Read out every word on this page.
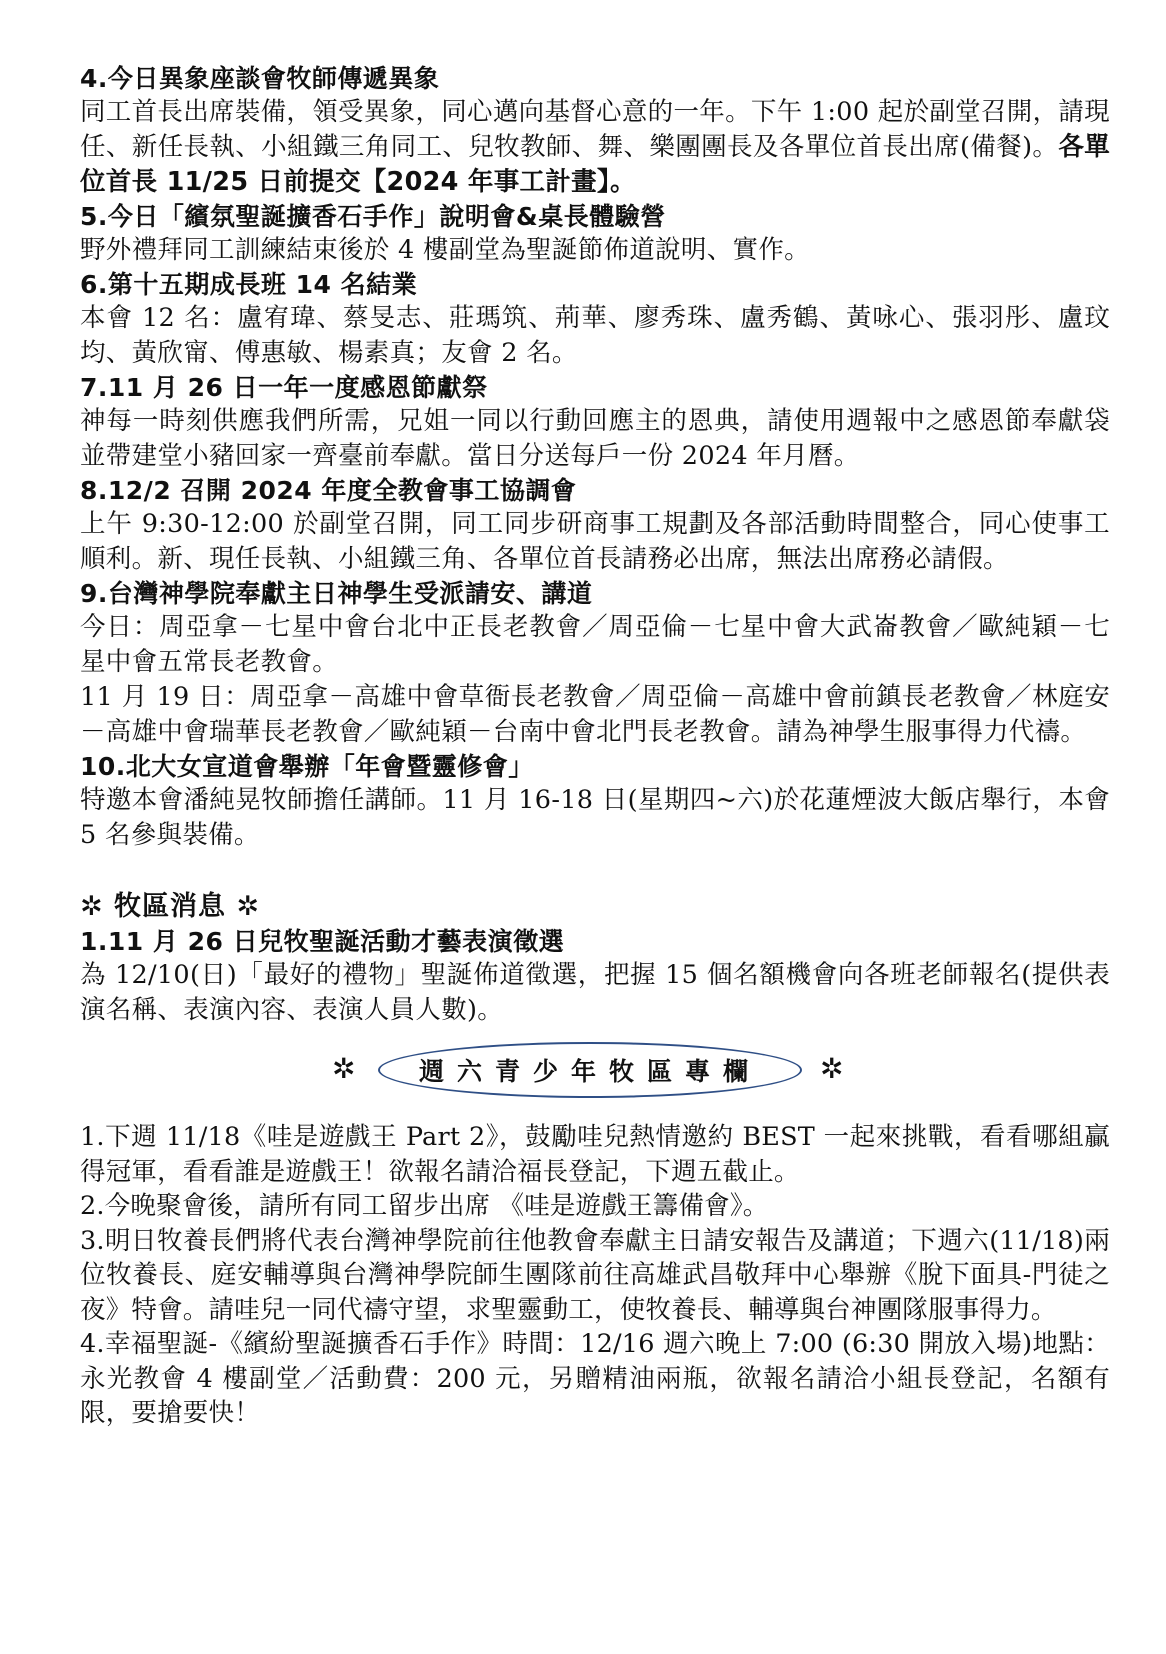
4.今日異象座談會牧師傳遞異象
同工首長出席裝備，領受異象，同心邁向基督心意的一年。下午 1:00 起於副堂召開，請現任、新任長執、小組鐵三角同工、兒牧教師、舞、樂團團長及各單位首長出席(備餐)。各單位首長 11/25 日前提交【2024 年事工計畫】。
5.今日「繽氛聖誕擴香石手作」說明會&桌長體驗營
野外禮拜同工訓練結束後於 4 樓副堂為聖誕節佈道說明、實作。
6.第十五期成長班 14 名結業
本會 12 名：盧宥瑋、蔡旻志、莊瑪筑、荊華、廖秀珠、盧秀鶴、黃咏心、張羽彤、盧玟均、黃欣甯、傅惠敏、楊素真；友會 2 名。
7.11 月 26 日一年一度感恩節獻祭
神每一時刻供應我們所需，兄姐一同以行動回應主的恩典，請使用週報中之感恩節奉獻袋並帶建堂小豬回家一齊臺前奉獻。當日分送每戶一份 2024 年月曆。
8.12/2 召開 2024 年度全教會事工協調會
上午 9:30-12:00 於副堂召開，同工同步研商事工規劃及各部活動時間整合，同心使事工順利。新、現任長執、小組鐵三角、各單位首長請務必出席，無法出席務必請假。
9.台灣神學院奉獻主日神學生受派請安、講道
今日：周亞拿－七星中會台北中正長老教會／周亞倫－七星中會大武崙教會／歐純穎－七星中會五常長老教會。
11 月 19 日：周亞拿－高雄中會草衙長老教會／周亞倫－高雄中會前鎮長老教會／林庭安－高雄中會瑞華長老教會／歐純穎－台南中會北門長老教會。請為神學生服事得力代禱。
10.北大女宣道會舉辦「年會暨靈修會」
特邀本會潘純晃牧師擔任講師。11 月 16-18 日(星期四~六)於花蓮煙波大飯店舉行，本會 5 名參與裝備。
✲ 牧區消息 ✲
1.11 月 26 日兒牧聖誕活動才藝表演徵選
為 12/10(日)「最好的禮物」聖誕佈道徵選，把握 15 個名額機會向各班老師報名(提供表演名稱、表演內容、表演人員人數)。
✲	週六青少年牧區專欄	✲
1.下週 11/18《哇是遊戲王 Part 2》，鼓勵哇兒熱情邀約 BEST 一起來挑戰，看看哪組贏得冠軍，看看誰是遊戲王！欲報名請洽福長登記，下週五截止。
2.今晚聚會後，請所有同工留步出席 《哇是遊戲王籌備會》。
3.明日牧養長們將代表台灣神學院前往他教會奉獻主日請安報告及講道；下週六(11/18)兩位牧養長、庭安輔導與台灣神學院師生團隊前往高雄武昌敬拜中心舉辦《脫下面具-門徒之夜》特會。請哇兒一同代禱守望，求聖靈動工，使牧養長、輔導與台神團隊服事得力。
4.幸福聖誕-《繽紛聖誕擴香石手作》時間：12/16 週六晚上 7:00 (6:30 開放入場)地點：永光教會 4 樓副堂／活動費：200 元，另贈精油兩瓶，欲報名請洽小組長登記，名額有限，要搶要快！
